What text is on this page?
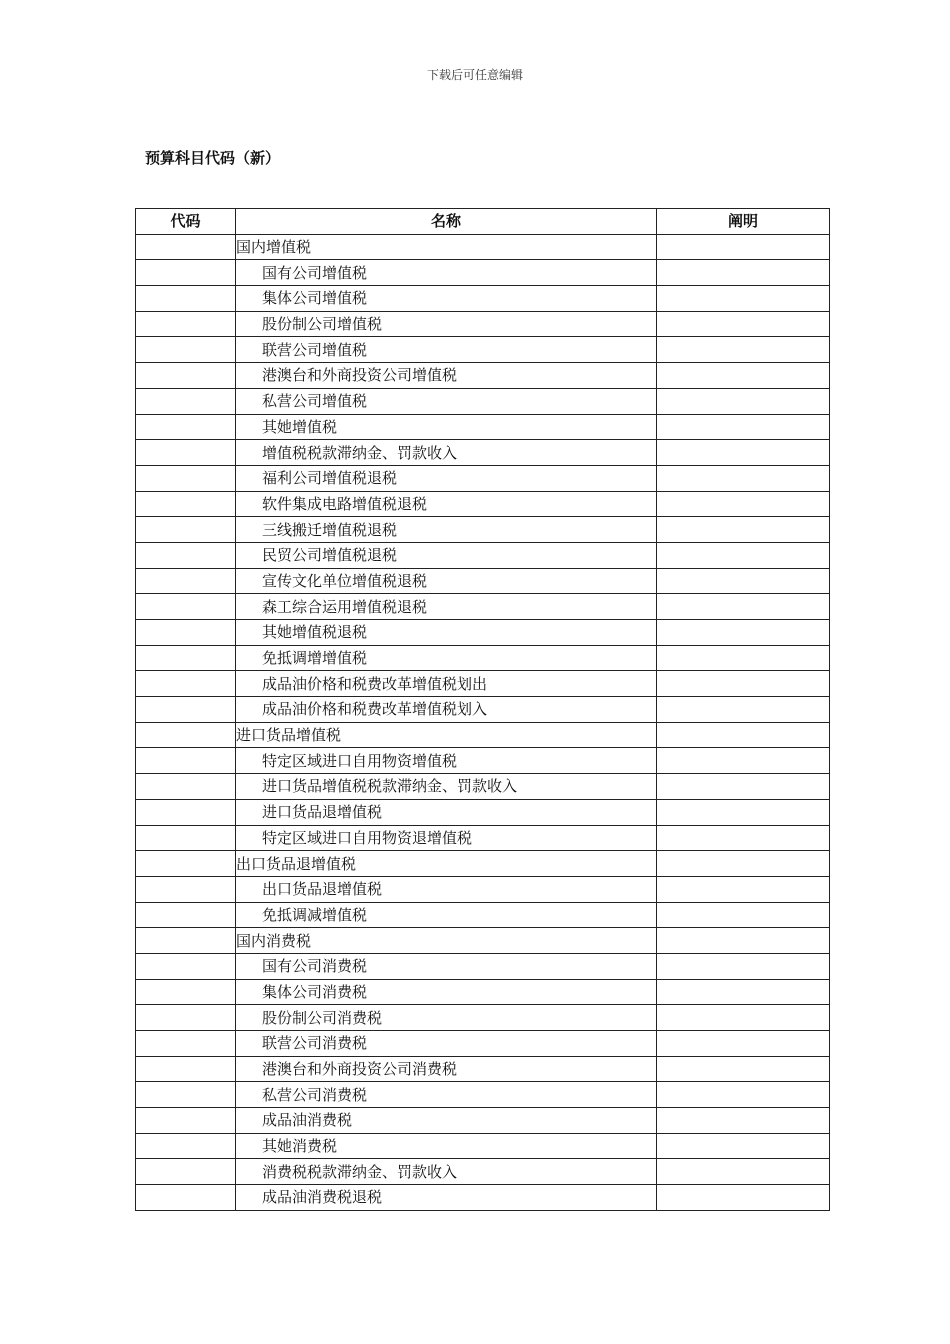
下载后可任意编辑
预算科目代码（新）
代码	名称	阐明
	国内增值税	
	国有公司增值税	
	集体公司增值税	
	股份制公司增值税	
	联营公司增值税	
	港澳台和外商投资公司增值税	
	私营公司增值税	
	其她增值税	
	增值税税款滞纳金、罚款收入	
	福利公司增值税退税	
	软件集成电路增值税退税	
	三线搬迁增值税退税	
	民贸公司增值税退税	
	宣传文化单位增值税退税	
	森工综合运用增值税退税	
	其她增值税退税	
	免抵调增增值税	
	成品油价格和税费改革增值税划出	
	成品油价格和税费改革增值税划入	
	进口货品增值税	
	特定区域进口自用物资增值税	
	进口货品增值税税款滞纳金、罚款收入	
	进口货品退增值税	
	特定区域进口自用物资退增值税	
	出口货品退增值税	
	出口货品退增值税	
	免抵调减增值税	
	国内消费税	
	国有公司消费税	
	集体公司消费税	
	股份制公司消费税	
	联营公司消费税	
	港澳台和外商投资公司消费税	
	私营公司消费税	
	成品油消费税	
	其她消费税	
	消费税税款滞纳金、罚款收入	
	成品油消费税退税	
